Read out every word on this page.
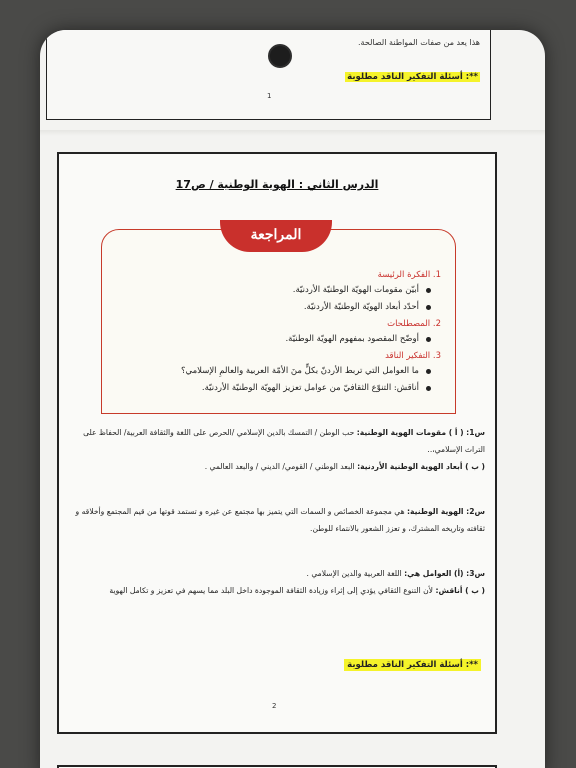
هذا يعد من صفات المواطنة الصالحة.
**: أسئلة التفكير الناقد مطلوبة
1
الدرس الثاني : الهوية الوطنية / ص17
المراجعة
1. الفكرة الرئيسة
أبيّن مقومات الهويّة الوطنيّة الأردنيّة.
أحدّد أبعاد الهويّة الوطنيّة الأردنيّة.
2. المصطلحات
أوضّح المقصود بمفهوم الهويّة الوطنيّة.
3. التفكير الناقد
ما العوامل التي تربط الأردنّ بكلٍّ منَ الأمّة العربية والعالمِ الإسلامي؟
أناقش: التنوّع الثقافيّ من عوامل تعزيز الهويّة الوطنيّة الأردنيّة.

س1: ( أ ) مقومات الهوية الوطنية: حب الوطن / التمسك بالدين الإسلامي /الحرص على اللغة والثقافة العربية/ الحفاظ على التراث الإسلامي،..

( ب ) أبعاد الهوية الوطنية الأردنية: البعد الوطني / القومي/ الديني / والبعد العالمي .

س2: الهوية الوطنية: هي مجموعة الخصائص و السمات التي يتميز بها مجتمع عن غيره و تستمد قوتها من قيم المجتمع وأخلاقه و ثقافته وتاريخه المشترك، و تعزز الشعور بالانتماء للوطن.

س3: (أ) العوامل هي: اللغة العربية والدين الإسلامي .

( ب ) أناقش: لأن التنوع الثقافي يؤدي إلى إثراء وزيادة الثقافة الموجودة داخل البلد مما يسهم في تعزيز و تكامل الهوية

**: أسئلة التفكير الناقد مطلوبة
2
